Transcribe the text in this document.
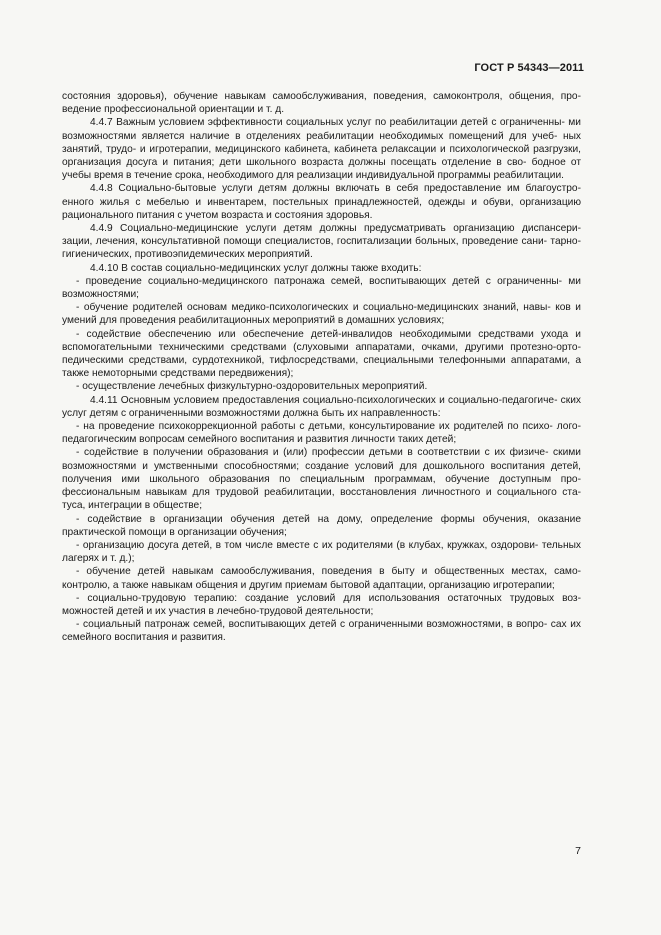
ГОСТ Р 54343—2011

состояния здоровья), обучение навыкам самообслуживания, поведения, самоконтроля, общения, про- ведение профессиональной ориентации и т. д.

4.4.7 Важным условием эффективности социальных услуг по реабилитации детей с ограниченны- ми возможностями является наличие в отделениях реабилитации необходимых помещений для учеб- ных занятий, трудо- и игротерапии, медицинского кабинета, кабинета релаксации и психологической разгрузки, организация досуга и питания; дети школьного возраста должны посещать отделение в сво- бодное от учебы время в течение срока, необходимого для реализации индивидуальной программы реабилитации.

4.4.8 Социально-бытовые услуги детям должны включать в себя предоставление им благоустро- енного жилья с мебелью и инвентарем, постельных принадлежностей, одежды и обуви, организацию рационального питания с учетом возраста и состояния здоровья.

4.4.9 Социально-медицинские услуги детям должны предусматривать организацию диспансери- зации, лечения, консультативной помощи специалистов, госпитализации больных, проведение сани- тарно-гигиенических, противоэпидемических мероприятий.

4.4.10 В состав социально-медицинских услуг должны также входить:

- проведение социально-медицинского патронажа семей, воспитывающих детей с ограниченны- ми возможностями;

- обучение родителей основам медико-психологических и социально-медицинских знаний, навы- ков и умений для проведения реабилитационных мероприятий в домашних условиях;

- содействие обеспечению или обеспечение детей-инвалидов необходимыми средствами ухода и вспомогательными техническими средствами (слуховыми аппаратами, очками, другими протезно-орто- педическими средствами, сурдотехникой, тифлосредствами, специальными телефонными аппаратами, а также немоторными средствами передвижения);

- осуществление лечебных физкультурно-оздоровительных мероприятий.

4.4.11 Основным условием предоставления социально-психологических и социально-педагогиче- ских услуг детям с ограниченными возможностями должна быть их направленность:

- на проведение психокоррекционной работы с детьми, консультирование их родителей по психо- лого-педагогическим вопросам семейного воспитания и развития личности таких детей;

- содействие в получении образования и (или) профессии детьми в соответствии с их физиче- скими возможностями и умственными способностями; создание условий для дошкольного воспитания детей, получения ими школьного образования по специальным программам, обучение доступным про- фессиональным навыкам для трудовой реабилитации, восстановления личностного и социального ста- туса, интеграции в обществе;

- содействие в организации обучения детей на дому, определение формы обучения, оказание практической помощи в организации обучения;

- организацию досуга детей, в том числе вместе с их родителями (в клубах, кружках, оздорови- тельных лагерях и т. д.);

- обучение детей навыкам самообслуживания, поведения в быту и общественных местах, само- контролю, а также навыкам общения и другим приемам бытовой адаптации, организацию игротерапии;

- социально-трудовую терапию: создание условий для использования остаточных трудовых воз- можностей детей и их участия в лечебно-трудовой деятельности;

- социальный патронаж семей, воспитывающих детей с ограниченными возможностями, в вопро- сах их семейного воспитания и развития.

7
